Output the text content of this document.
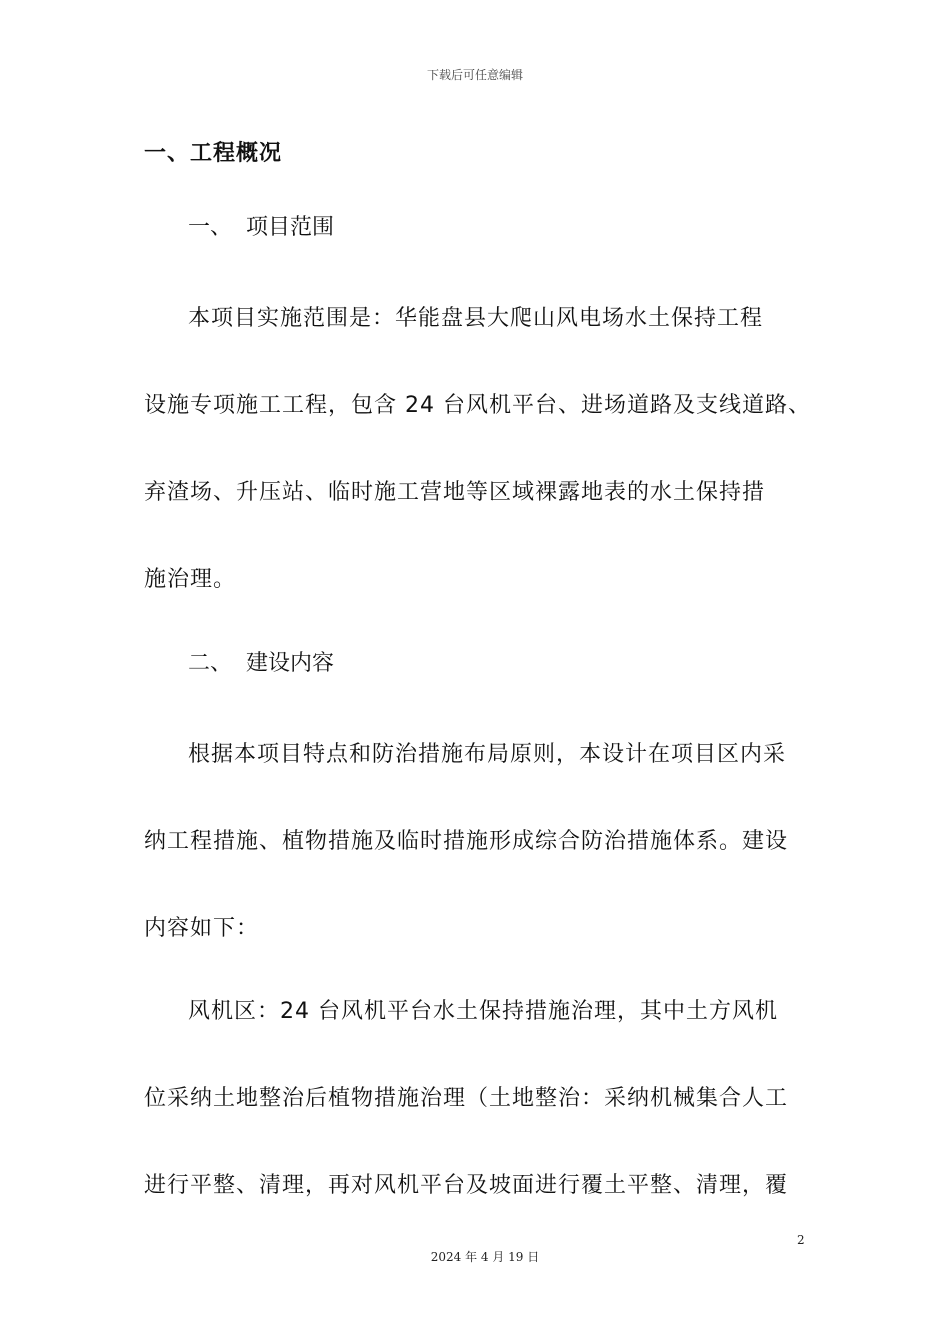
下载后可任意编辑
一、工程概况
一、 项目范围
本项目实施范围是：华能盘县大爬山风电场水土保持工程
设施专项施工工程，包含 24 台风机平台、进场道路及支线道路、
弃渣场、升压站、临时施工营地等区域裸露地表的水土保持措
施治理。
二、 建设内容
根据本项目特点和防治措施布局原则，本设计在项目区内采
纳工程措施、植物措施及临时措施形成综合防治措施体系。建设
内容如下：
风机区：24 台风机平台水土保持措施治理，其中土方风机
位采纳土地整治后植物措施治理（土地整治：采纳机械集合人工
进行平整、清理，再对风机平台及坡面进行覆土平整、清理，覆
2
2024 年 4 月 19 日
